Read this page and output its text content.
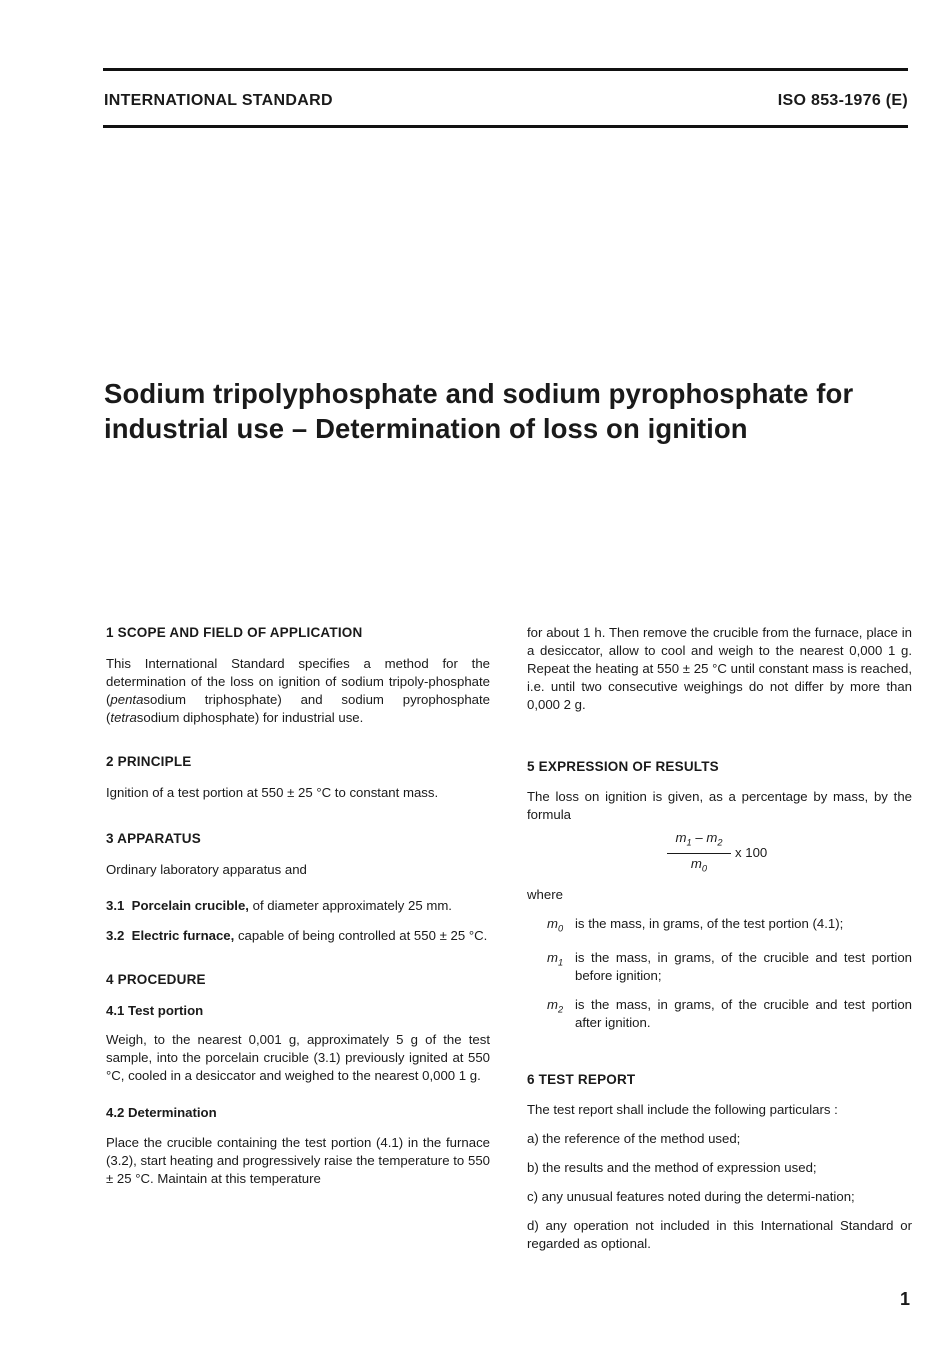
INTERNATIONAL STANDARD	ISO 853-1976 (E)
Sodium tripolyphosphate and sodium pyrophosphate for
industrial use – Determination of loss on ignition
1 SCOPE AND FIELD OF APPLICATION

This International Standard specifies a method for the determination of the loss on ignition of sodium tripoly-phosphate (pentasodium triphosphate) and sodium pyrophosphate (tetrasodium diphosphate) for industrial use.

2 PRINCIPLE

Ignition of a test portion at 550 ± 25 °C to constant mass.

3 APPARATUS

Ordinary laboratory apparatus and

3.1 Porcelain crucible, of diameter approximately 25 mm.

3.2 Electric furnace, capable of being controlled at 550 ± 25 °C.

4 PROCEDURE
4.1 Test portion

Weigh, to the nearest 0,001 g, approximately 5 g of the test sample, into the porcelain crucible (3.1) previously ignited at 550 °C, cooled in a desiccator and weighed to the nearest 0,000 1 g.

4.2 Determination

Place the crucible containing the test portion (4.1) in the furnace (3.2), start heating and progressively raise the temperature to 550 ± 25 °C. Maintain at this temperature

for about 1 h. Then remove the crucible from the furnace, place in a desiccator, allow to cool and weigh to the nearest 0,000 1 g. Repeat the heating at 550 ± 25 °C until constant mass is reached, i.e. until two consecutive weighings do not differ by more than 0,000 2 g.

5 EXPRESSION OF RESULTS

The loss on ignition is given, as a percentage by mass, by the formula

$\frac{m_1 - m_2}{m_0}$ x 100

where

$m_0$ is the mass, in grams, of the test portion (4.1);
$m_1$ is the mass, in grams, of the crucible and test portion before ignition;
$m_2$ is the mass, in grams, of the crucible and test portion after ignition.
6 TEST REPORT

The test report shall include the following particulars :

a) the reference of the method used;

b) the results and the method of expression used;

c) any unusual features noted during the determi-nation;

d) any operation not included in this International Standard or regarded as optional.

1
